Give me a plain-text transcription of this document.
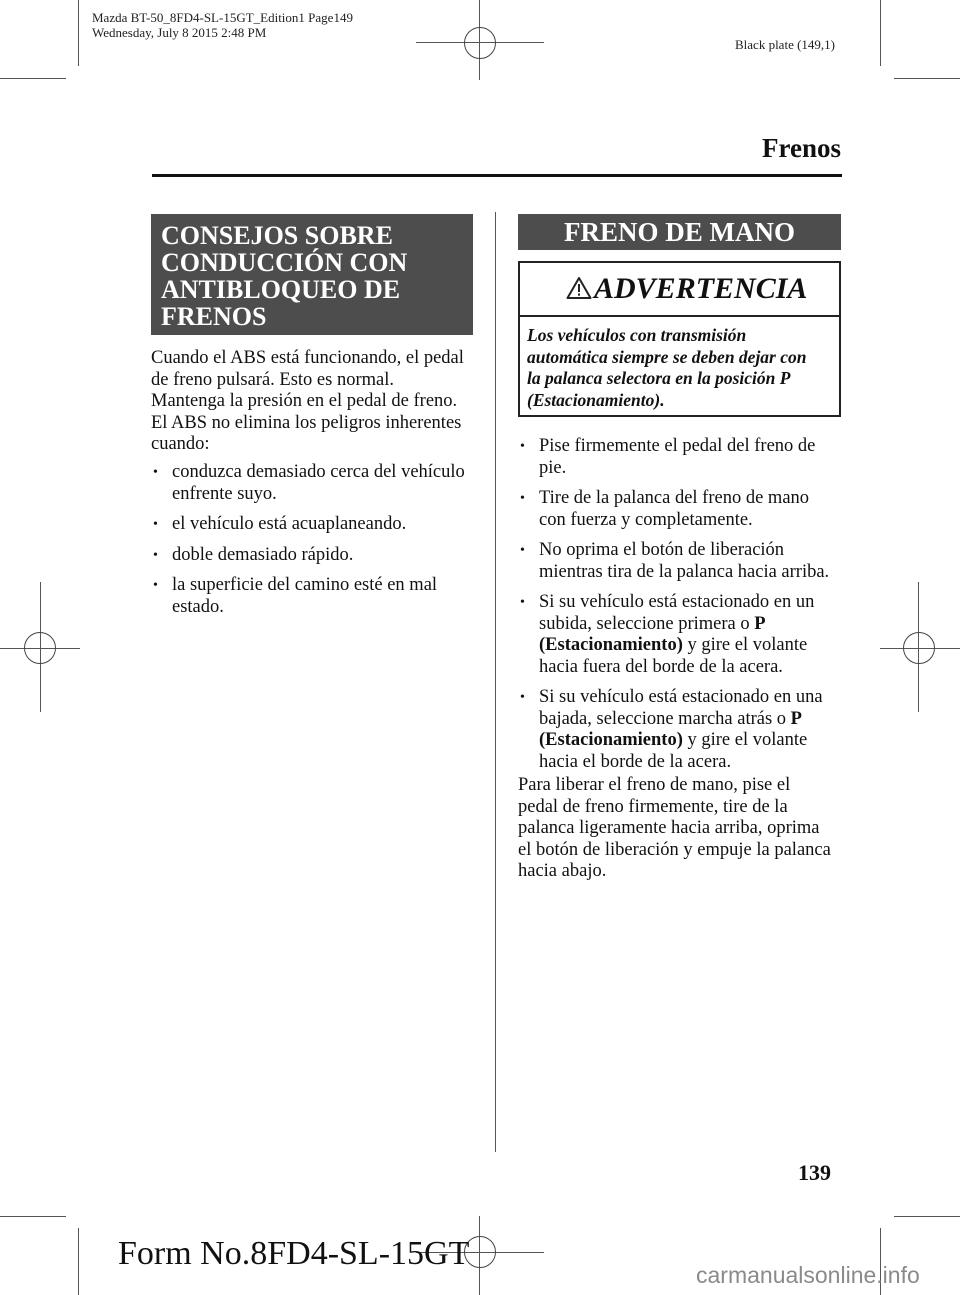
Mazda BT-50_8FD4-SL-15GT_Edition1 Page149
Wednesday, July 8 2015 2:48 PM
Black plate (149,1)
Frenos
CONSEJOS SOBRE
CONDUCCIÓN CON
ANTIBLOQUEO DE
FRENOS
Cuando el ABS está funcionando, el pedal
de freno pulsará. Esto es normal.
Mantenga la presión en el pedal de freno.
El ABS no elimina los peligros inherentes
cuando:
• conduzca demasiado cerca del vehículo
enfrente suyo.
• el vehículo está acuaplaneando.
• doble demasiado rápido.
• la superficie del camino esté en mal
estado.
FRENO DE MANO
ADVERTENCIA
Los vehículos con transmisión
automática siempre se deben dejar con
la palanca selectora en la posición P
(Estacionamiento).
• Pise firmemente el pedal del freno de
pie.
• Tire de la palanca del freno de mano
con fuerza y completamente.
• No oprima el botón de liberación
mientras tira de la palanca hacia arriba.
• Si su vehículo está estacionado en un
subida, seleccione primera o P
(Estacionamiento) y gire el volante
hacia fuera del borde de la acera.
• Si su vehículo está estacionado en una
bajada, seleccione marcha atrás o P
(Estacionamiento) y gire el volante
hacia el borde de la acera.
Para liberar el freno de mano, pise el
pedal de freno firmemente, tire de la
palanca ligeramente hacia arriba, oprima
el botón de liberación y empuje la palanca
hacia abajo.
139
Form No.8FD4-SL-15GT
carmanualsonline.info
